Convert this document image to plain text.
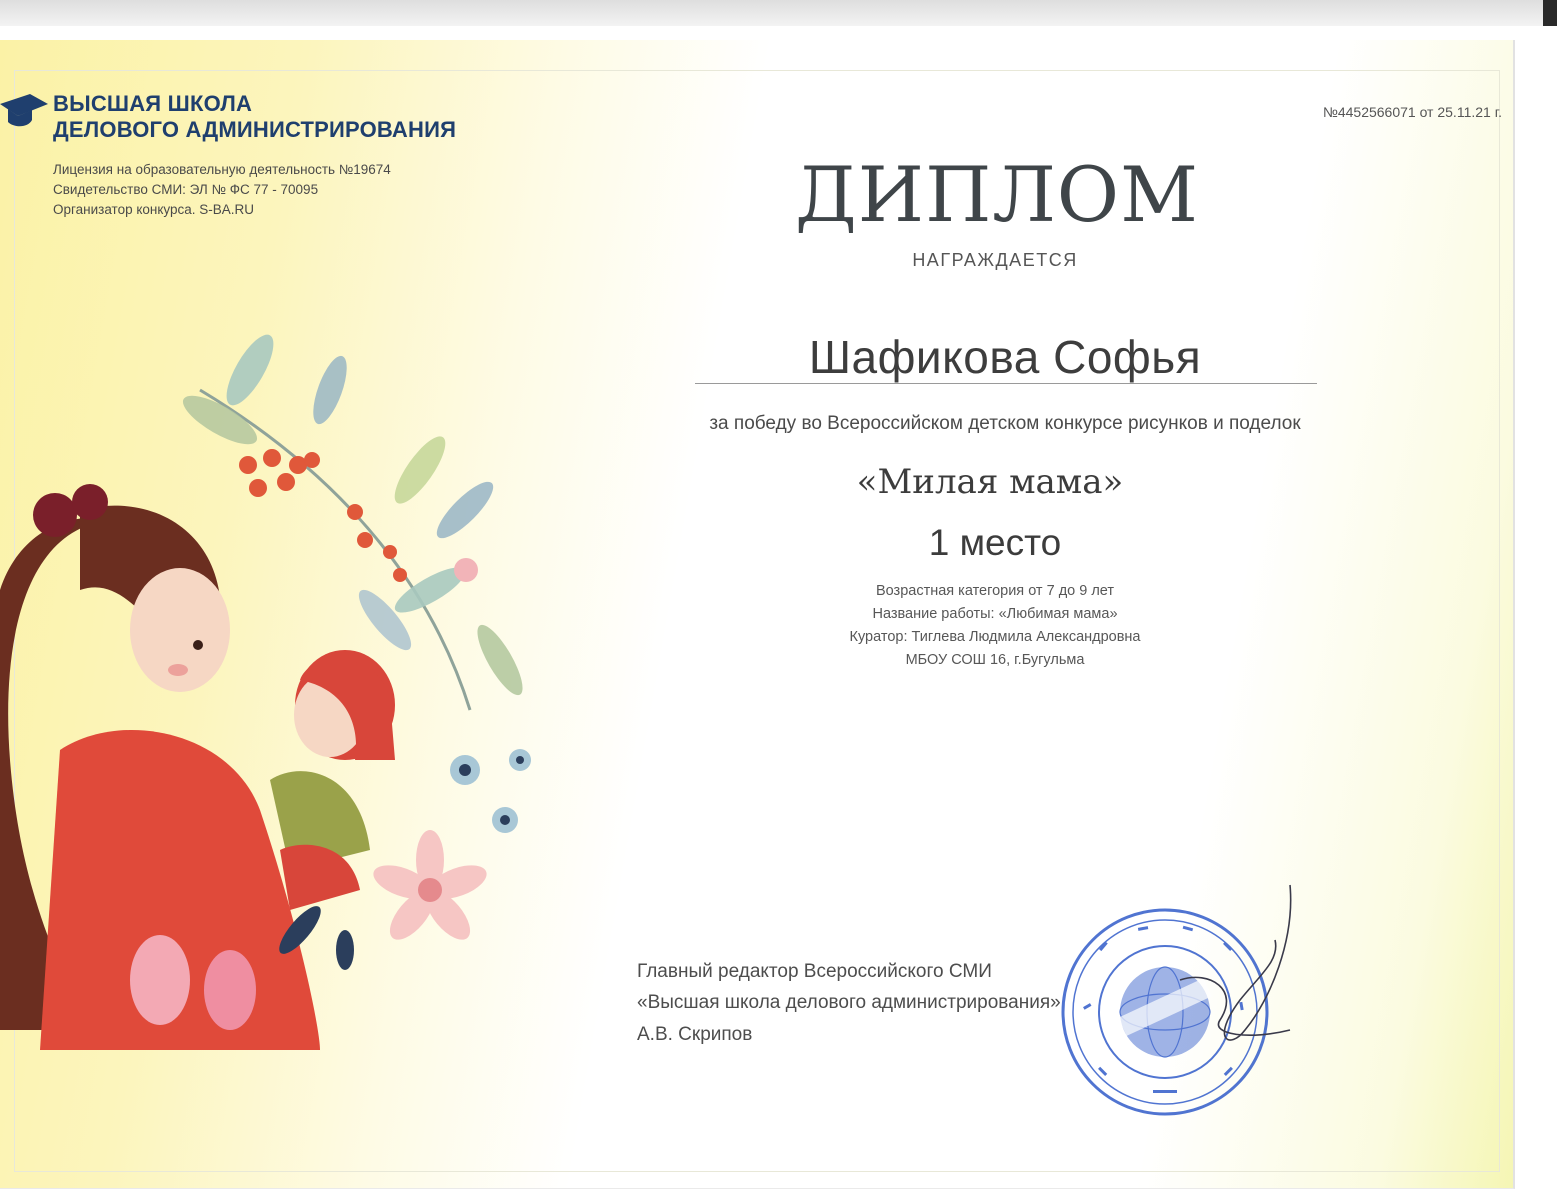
ВЫСШАЯ ШКОЛА
ДЕЛОВОГО АДМИНИСТРИРОВАНИЯ
Лицензия на образовательную деятельность №19674
Свидетельство СМИ: ЭЛ № ФС 77 - 70095
Организатор конкурса. S-BA.RU
№4452566071 от 25.11.21 г.
ДИПЛОМ
НАГРАЖДАЕТСЯ
Шафикова Софья
за победу во Всероссийском детском конкурсе рисунков и поделок
«Милая мама»
1 место
Возрастная категория от 7 до 9 лет
Название работы: «Любимая мама»
Куратор: Тиглева Людмила Александровна
МБОУ СОШ 16, г.Бугульма
Главный редактор Всероссийского СМИ
«Высшая школа делового администрирования»
А.В. Скрипов
